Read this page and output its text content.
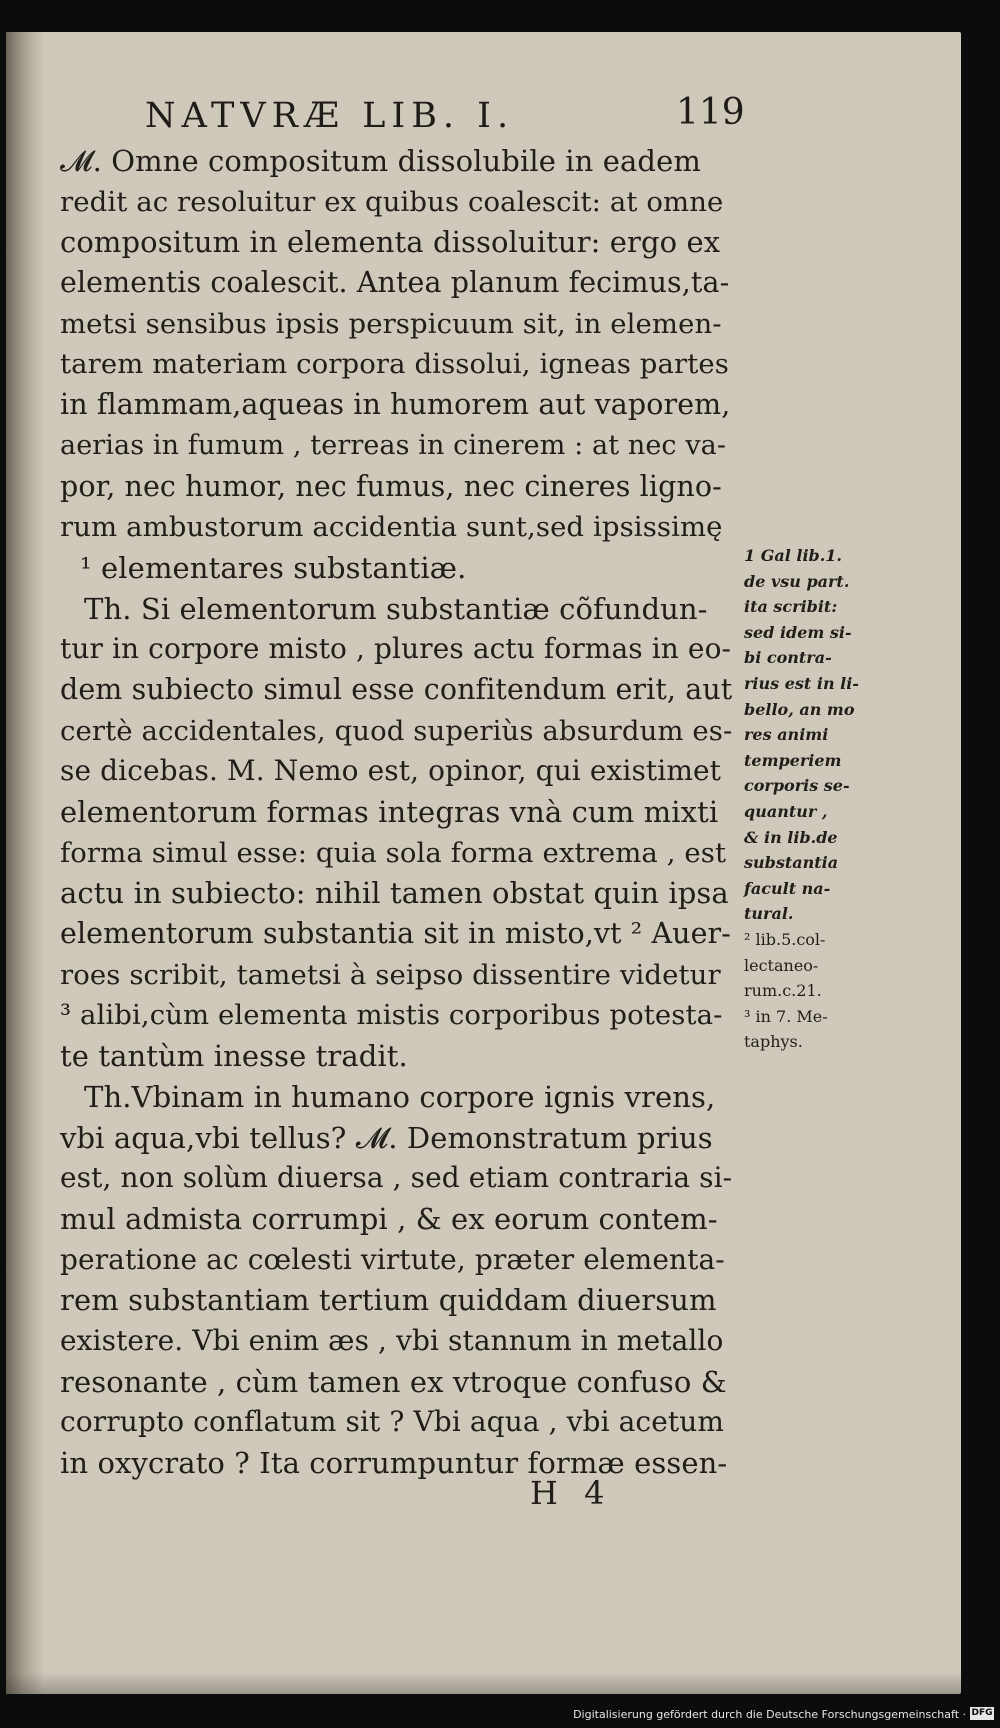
NATVRÆ LIB. I.	119
𝓜. Omne compositum dissolubile in eadem
redit ac resoluitur ex quibus coalescit: at omne
compositum in elementa dissoluitur: ergo ex
elementis coalescit. Antea planum fecimus,ta-
metsi sensibus ipsis perspicuum sit, in elemen-
tarem materiam corpora dissolui, igneas partes
in flammam,aqueas in humorem aut vaporem,
aerias in fumum , terreas in cinerem : at nec va-
por, nec humor, nec fumus, nec cineres ligno-
rum ambustorum accidentia sunt,sed ipsissimę
¹ elementares substantiæ.
Th. Si elementorum substantiæ cõfundun-
tur in corpore misto , plures actu formas in eo-
dem subiecto simul esse confitendum erit, aut
certè accidentales, quod superiùs absurdum es-
se dicebas. M. Nemo est, opinor, qui existimet
elementorum formas integras vnà cum mixti
forma simul esse: quia sola forma extrema , est
actu in subiecto: nihil tamen obstat quin ipsa
elementorum substantia sit in misto,vt ² Auer-
roes scribit, tametsi à seipso dissentire videtur
³ alibi,cùm elementa mistis corporibus potesta-
te tantùm inesse tradit.
Th.Vbinam in humano corpore ignis vrens,
vbi aqua,vbi tellus? 𝓜. Demonstratum prius
est, non solùm diuersa , sed etiam contraria si-
mul admista corrumpi , & ex eorum contem-
peratione ac cœlesti virtute, præter elementa-
rem substantiam tertium quiddam diuersum
existere. Vbi enim æs , vbi stannum in metallo
resonante , cùm tamen ex vtroque confuso &
corrupto conflatum sit ? Vbi aqua , vbi acetum
in oxycrato ? Ita corrumpuntur formæ essen-
1 Gal lib.1.
de vsu part.
ita scribit:
sed idem si-
bi contra-
rius est in li-
bello, an mo
res animi
temperiem
corporis se-
quantur ,
& in lib.de
substantia
facult na-
tural.
² lib.5.col-
lectaneo-
rum.c.21.
³ in 7. Me-
taphys.
H 4
Digitalisierung gefördert durch die Deutsche Forschungsgemeinschaft · DFG
